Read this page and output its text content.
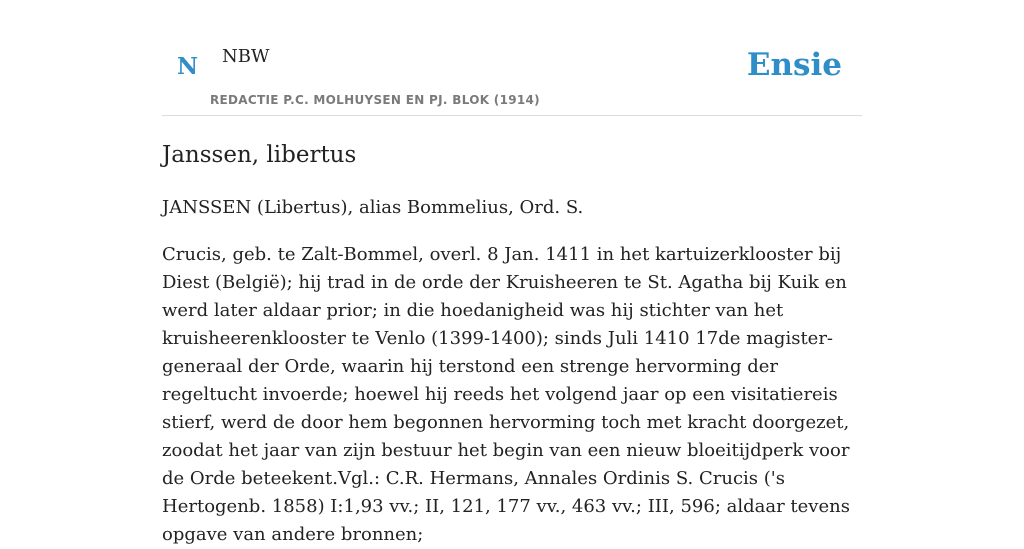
N NBW
REDACTIE P.C. MOLHUYSEN EN PJ. BLOK (1914)
Ensie
Janssen, libertus

JANSSEN (Libertus), alias Bommelius, Ord. S.

Crucis, geb. te Zalt-Bommel, overl. 8 Jan. 1411 in het kartuizerklooster bij Diest (België); hij trad in de orde der Kruisheeren te St. Agatha bij Kuik en werd later aldaar prior; in die hoedanigheid was hij stichter van het kruisheerenklooster te Venlo (1399-1400); sinds Juli 1410 17de magister-generaal der Orde, waarin hij terstond een strenge hervorming der regeltucht invoerde; hoewel hij reeds het volgend jaar op een visitatiereis stierf, werd de door hem begonnen hervorming toch met kracht doorgezet, zoodat het jaar van zijn bestuur het begin van een nieuw bloeitijdperk voor de Orde beteekent.Vgl.: C.R. Hermans, Annales Ordinis S. Crucis ('s Hertogenb. 1858) I:1,93 vv.; II, 121, 177 vv., 463 vv.; III, 596; aldaar tevens opgave van andere bronnen;
